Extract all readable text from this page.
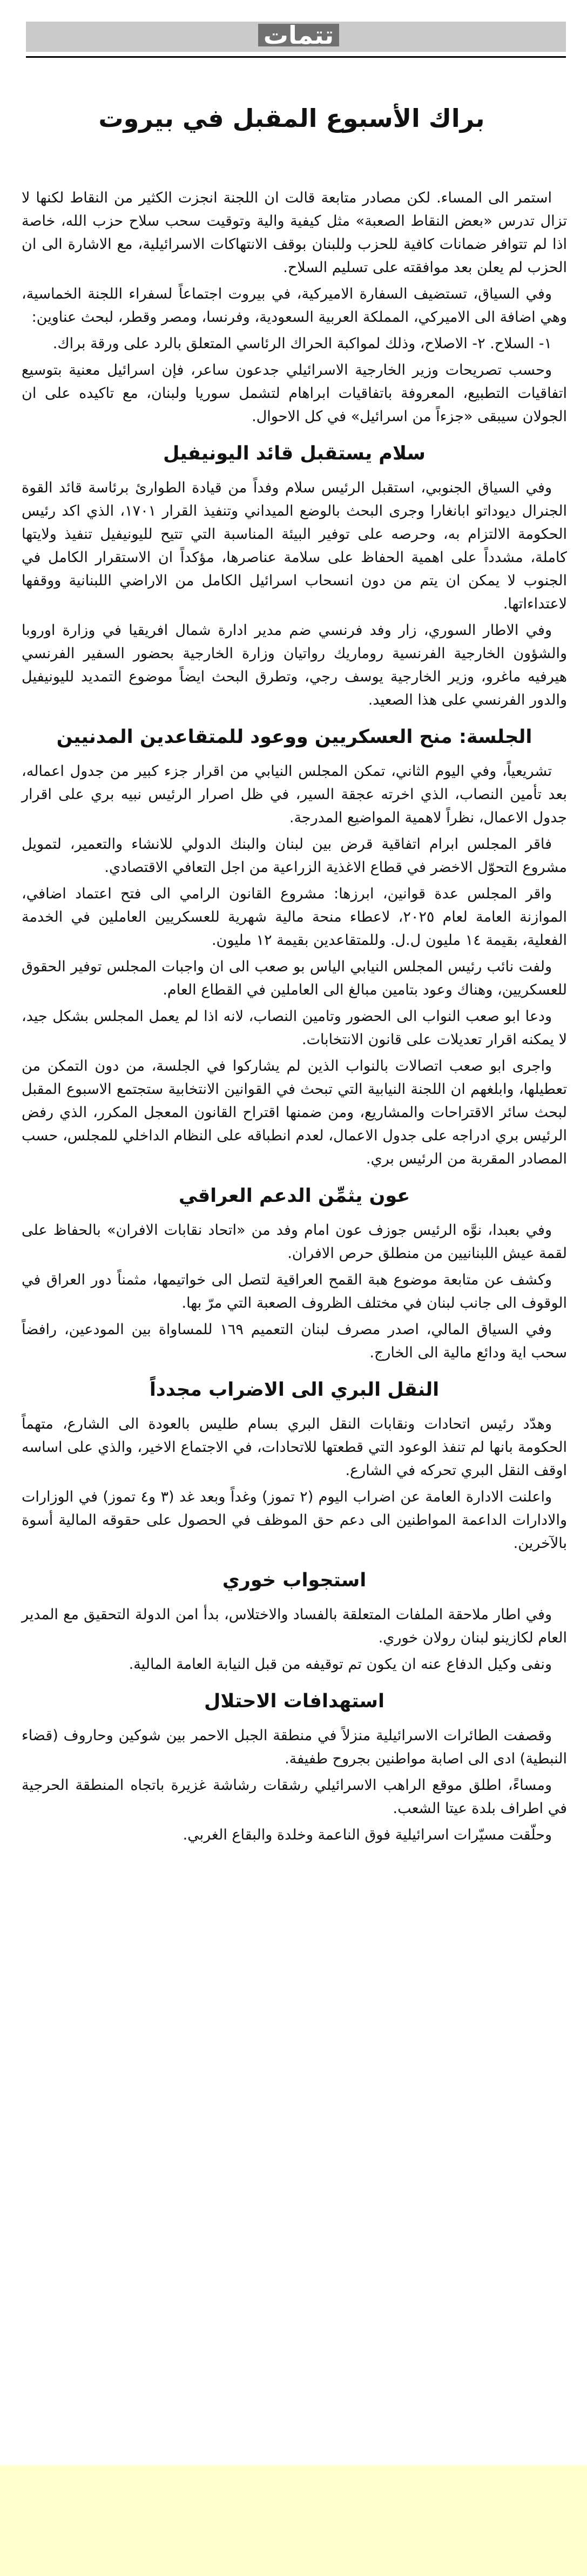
تتمات
براك الأسبوع المقبل في بيروت

استمر الى المساء. لكن مصادر متابعة قالت ان اللجنة انجزت الكثير من النقاط لكنها لا تزال تدرس «بعض النقاط الصعبة» مثل كيفية والية وتوقيت سحب سلاح حزب الله، خاصة اذا لم تتوافر ضمانات كافية للحزب وللبنان بوقف الانتهاكات الاسرائيلية، مع الاشارة الى ان الحزب لم يعلن بعد موافقته على تسليم السلاح.

وفي السياق، تستضيف السفارة الاميركية، في بيروت اجتماعاً لسفراء اللجنة الخماسية، وهي اضافة الى الاميركي، المملكة العربية السعودية، وفرنسا، ومصر وقطر، لبحث عناوين:

١- السلاح. ٢- الاصلاح، وذلك لمواكبة الحراك الرئاسي المتعلق بالرد على ورقة براك.

وحسب تصريحات وزير الخارجية الاسرائيلي جدعون ساعر، فإن اسرائيل معنية بتوسيع اتفاقيات التطبيع، المعروفة باتفاقيات ابراهام لتشمل سوريا ولبنان، مع تاكيده على ان الجولان سيبقى «جزءاً من اسرائيل» في كل الاحوال.

سلام يستقبل قائد اليونيفيل

وفي السياق الجنوبي، استقبل الرئيس سلام وفداً من قيادة الطوارئ برئاسة قائد القوة الجنرال ديوداتو ابانغارا وجرى البحث بالوضع الميداني وتنفيذ القرار ١٧٠١، الذي اكد رئيس الحكومة الالتزام به، وحرصه على توفير البيئة المناسبة التي تتيح لليونيفيل تنفيذ ولايتها كاملة، مشدداً على اهمية الحفاظ على سلامة عناصرها، مؤكداً ان الاستقرار الكامل في الجنوب لا يمكن ان يتم من دون انسحاب اسرائيل الكامل من الاراضي اللبنانية ووقفها لاعتداءاتها.

وفي الاطار السوري، زار وفد فرنسي ضم مدير ادارة شمال افريقيا في وزارة اوروبا والشؤون الخارجية الفرنسية روماريك رواتيان وزارة الخارجية بحضور السفير الفرنسي هيرفيه ماغرو، وزير الخارجية يوسف رجي، وتطرق البحث ايضاً موضوع التمديد لليونيفيل والدور الفرنسي على هذا الصعيد.

الجلسة: منح العسكريين ووعود للمتقاعدين المدنيين

تشريعياً، وفي اليوم الثاني، تمكن المجلس النيابي من اقرار جزء كبير من جدول اعماله، بعد تأمين النصاب، الذي اخرته عجقة السير، في ظل اصرار الرئيس نبيه بري على اقرار جدول الاعمال، نظراً لاهمية المواضيع المدرجة.

فاقر المجلس ابرام اتفاقية قرض بين لبنان والبنك الدولي للانشاء والتعمير، لتمويل مشروع التحوّل الاخضر في قطاع الاغذية الزراعية من اجل التعافي الاقتصادي.

واقر المجلس عدة قوانين، ابرزها: مشروع القانون الرامي الى فتح اعتماد اضافي، الموازنة العامة لعام ٢٠٢٥، لاعطاء منحة مالية شهرية للعسكريين العاملين في الخدمة الفعلية، بقيمة ١٤ مليون ل.ل. وللمتقاعدين بقيمة ١٢ مليون.

ولفت نائب رئيس المجلس النيابي الياس بو صعب الى ان واجبات المجلس توفير الحقوق للعسكريين، وهناك وعود بتامين مبالغ الى العاملين في القطاع العام.

ودعا ابو صعب النواب الى الحضور وتامين النصاب، لانه اذا لم يعمل المجلس بشكل جيد، لا يمكنه اقرار تعديلات على قانون الانتخابات.

واجرى ابو صعب اتصالات بالنواب الذين لم يشاركوا في الجلسة، من دون التمكن من تعطيلها، وابلغهم ان اللجنة النيابية التي تبحث في القوانين الانتخابية ستجتمع الاسبوع المقبل لبحث سائر الاقتراحات والمشاريع، ومن ضمنها اقتراح القانون المعجل المكرر، الذي رفض الرئيس بري ادراجه على جدول الاعمال، لعدم انطباقه على النظام الداخلي للمجلس، حسب المصادر المقربة من الرئيس بري.

عون يثمِّن الدعم العراقي

وفي بعبدا، نوَّه الرئيس جوزف عون امام وفد من «اتحاد نقابات الافران» بالحفاظ على لقمة عيش اللبنانيين من منطلق حرص الافران.

وكشف عن متابعة موضوع هبة القمح العراقية لتصل الى خواتيمها، مثمناً دور العراق في الوقوف الى جانب لبنان في مختلف الظروف الصعبة التي مرّ بها.

وفي السياق المالي، اصدر مصرف لبنان التعميم ١٦٩ للمساواة بين المودعين، رافضاً سحب اية ودائع مالية الى الخارج.

النقل البري الى الاضراب مجدداً

وهدّد رئيس اتحادات ونقابات النقل البري بسام طليس بالعودة الى الشارع، متهماً الحكومة بانها لم تنفذ الوعود التي قطعتها للاتحادات، في الاجتماع الاخير، والذي على اساسه اوقف النقل البري تحركه في الشارع.

واعلنت الادارة العامة عن اضراب اليوم (٢ تموز) وغداً وبعد غد (٣ و٤ تموز) في الوزارات والادارات الداعمة المواطنين الى دعم حق الموظف في الحصول على حقوقه المالية أسوة بالآخرين.

استجواب خوري

وفي اطار ملاحقة الملفات المتعلقة بالفساد والاختلاس، بدأ امن الدولة التحقيق مع المدير العام لكازينو لبنان رولان خوري.

ونفى وكيل الدفاع عنه ان يكون تم توقيفه من قبل النيابة العامة المالية.

استهدافات الاحتلال

وقصفت الطائرات الاسرائيلية منزلاً في منطقة الجبل الاحمر بين شوكين وحاروف (قضاء النبطية) ادى الى اصابة مواطنين بجروح طفيفة.

ومساءً، اطلق موقع الراهب الاسرائيلي رشقات رشاشة غزيرة باتجاه المنطقة الحرجية في اطراف بلدة عيتا الشعب.

وحلّقت مسيّرات اسرائيلية فوق الناعمة وخلدة والبقاع الغربي.
